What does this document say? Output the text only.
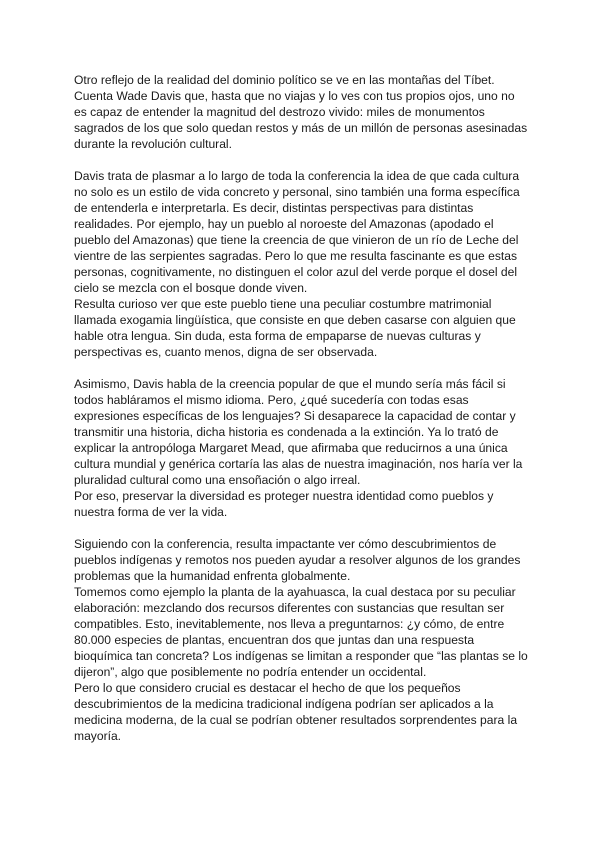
Otro reflejo de la realidad del dominio político se ve en las montañas del Tíbet.
Cuenta Wade Davis que, hasta que no viajas y lo ves con tus propios ojos, uno no
es capaz de entender la magnitud del destrozo vivido: miles de monumentos
sagrados de los que solo quedan restos y más de un millón de personas asesinadas
durante la revolución cultural.

Davis trata de plasmar a lo largo de toda la conferencia la idea de que cada cultura
no solo es un estilo de vida concreto y personal, sino también una forma específica
de entenderla e interpretarla. Es decir, distintas perspectivas para distintas
realidades. Por ejemplo, hay un pueblo al noroeste del Amazonas (apodado el
pueblo del Amazonas) que tiene la creencia de que vinieron de un río de Leche del
vientre de las serpientes sagradas. Pero lo que me resulta fascinante es que estas
personas, cognitivamente, no distinguen el color azul del verde porque el dosel del
cielo se mezcla con el bosque donde viven.
Resulta curioso ver que este pueblo tiene una peculiar costumbre matrimonial
llamada exogamia lingüística, que consiste en que deben casarse con alguien que
hable otra lengua. Sin duda, esta forma de empaparse de nuevas culturas y
perspectivas es, cuanto menos, digna de ser observada.

Asimismo, Davis habla de la creencia popular de que el mundo sería más fácil si
todos habláramos el mismo idioma. Pero, ¿qué sucedería con todas esas
expresiones específicas de los lenguajes? Si desaparece la capacidad de contar y
transmitir una historia, dicha historia es condenada a la extinción. Ya lo trató de
explicar la antropóloga Margaret Mead, que afirmaba que reducirnos a una única
cultura mundial y genérica cortaría las alas de nuestra imaginación, nos haría ver la
pluralidad cultural como una ensoñación o algo irreal.
Por eso, preservar la diversidad es proteger nuestra identidad como pueblos y
nuestra forma de ver la vida.

Siguiendo con la conferencia, resulta impactante ver cómo descubrimientos de
pueblos indígenas y remotos nos pueden ayudar a resolver algunos de los grandes
problemas que la humanidad enfrenta globalmente.
Tomemos como ejemplo la planta de la ayahuasca, la cual destaca por su peculiar
elaboración: mezclando dos recursos diferentes con sustancias que resultan ser
compatibles. Esto, inevitablemente, nos lleva a preguntarnos: ¿y cómo, de entre
80.000 especies de plantas, encuentran dos que juntas dan una respuesta
bioquímica tan concreta? Los indígenas se limitan a responder que “las plantas se lo
dijeron”, algo que posiblemente no podría entender un occidental.
Pero lo que considero crucial es destacar el hecho de que los pequeños
descubrimientos de la medicina tradicional indígena podrían ser aplicados a la
medicina moderna, de la cual se podrían obtener resultados sorprendentes para la
mayoría.
